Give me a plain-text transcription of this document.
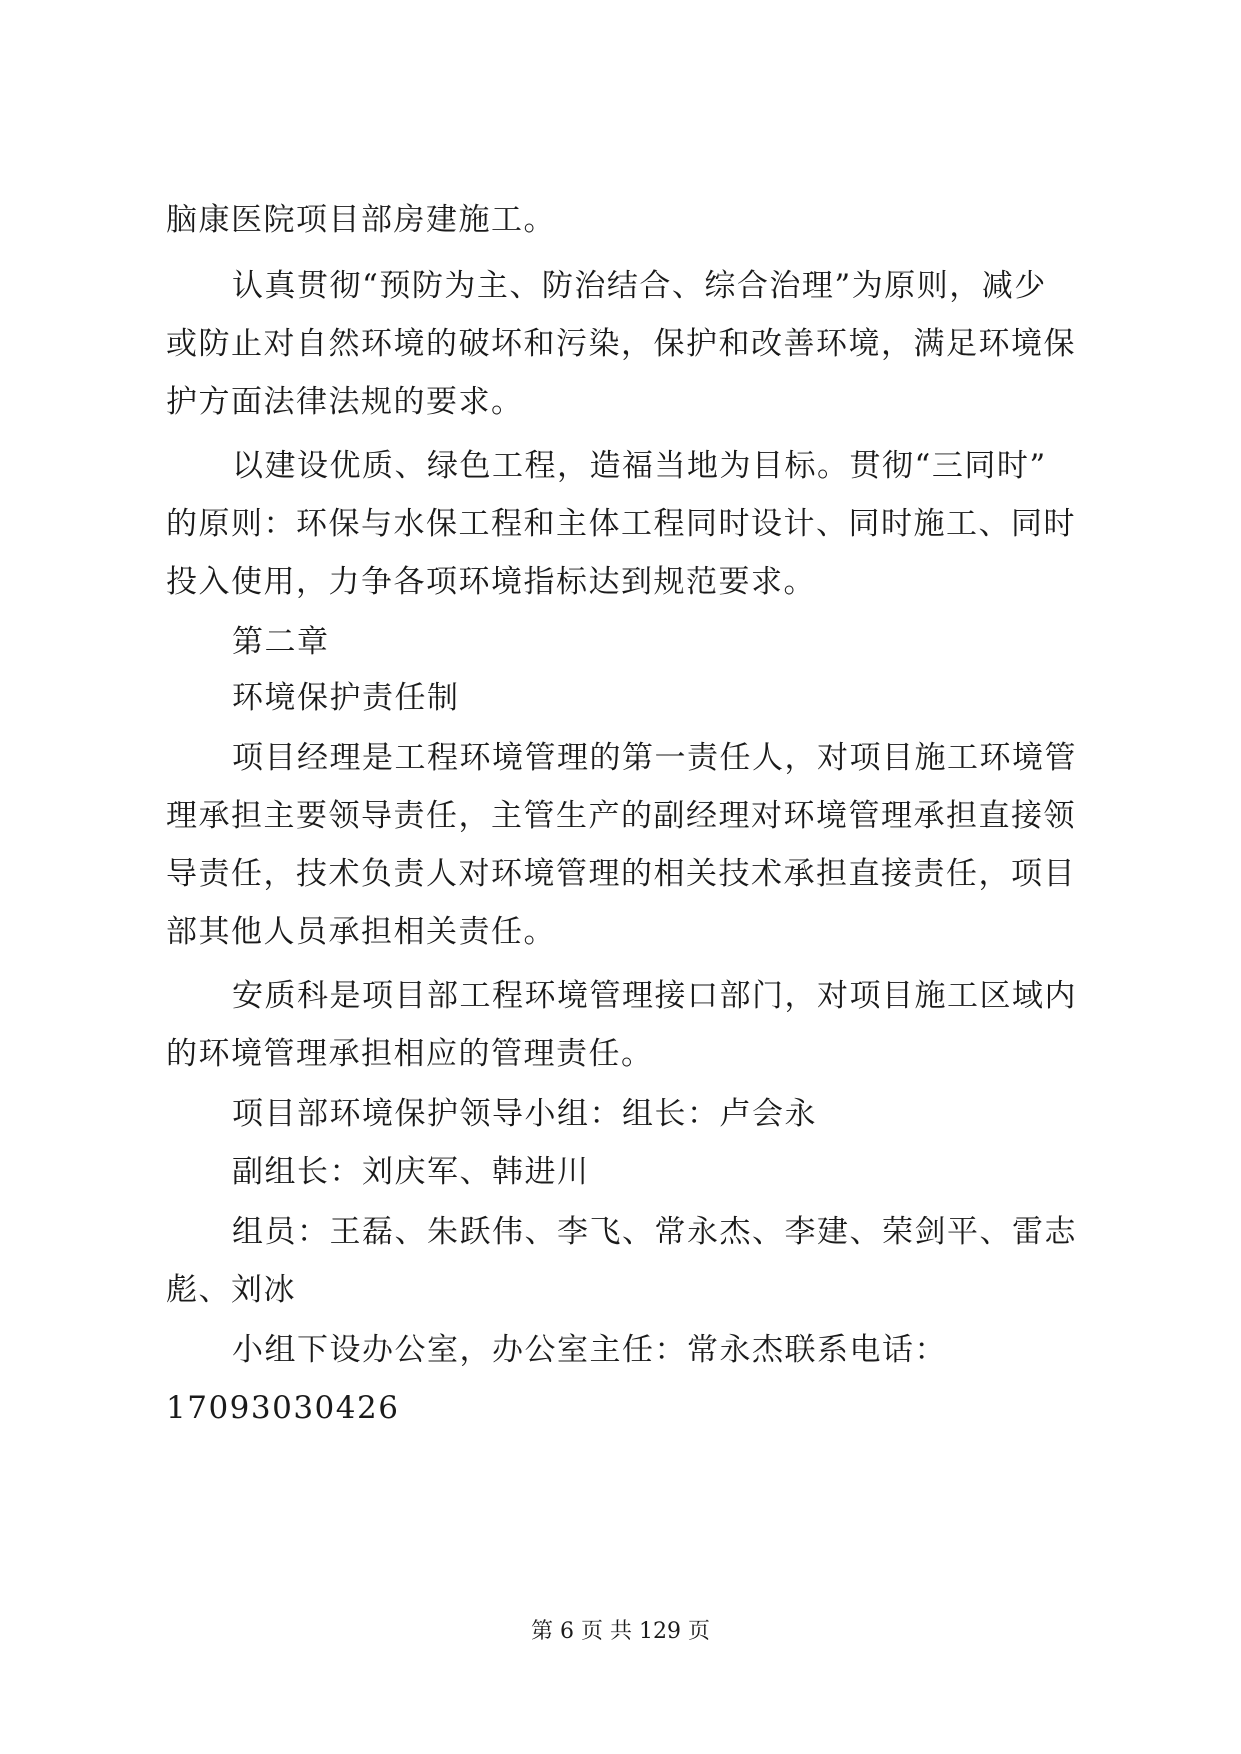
脑康医院项目部房建施工。
认真贯彻“预防为主、防治结合、综合治理”为原则，减少
或防止对自然环境的破坏和污染，保护和改善环境，满足环境保
护方面法律法规的要求。
以建设优质、绿色工程，造福当地为目标。贯彻“三同时”
的原则：环保与水保工程和主体工程同时设计、同时施工、同时
投入使用，力争各项环境指标达到规范要求。
第二章
环境保护责任制
项目经理是工程环境管理的第一责任人，对项目施工环境管
理承担主要领导责任，主管生产的副经理对环境管理承担直接领
导责任，技术负责人对环境管理的相关技术承担直接责任，项目
部其他人员承担相关责任。
安质科是项目部工程环境管理接口部门，对项目施工区域内
的环境管理承担相应的管理责任。
项目部环境保护领导小组：组长：卢会永
副组长：刘庆军、韩进川
组员：王磊、朱跃伟、李飞、常永杰、李建、荣剑平、雷志
彪、刘冰
小组下设办公室，办公室主任：常永杰联系电话：
17093030426
第 6 页 共 129 页
